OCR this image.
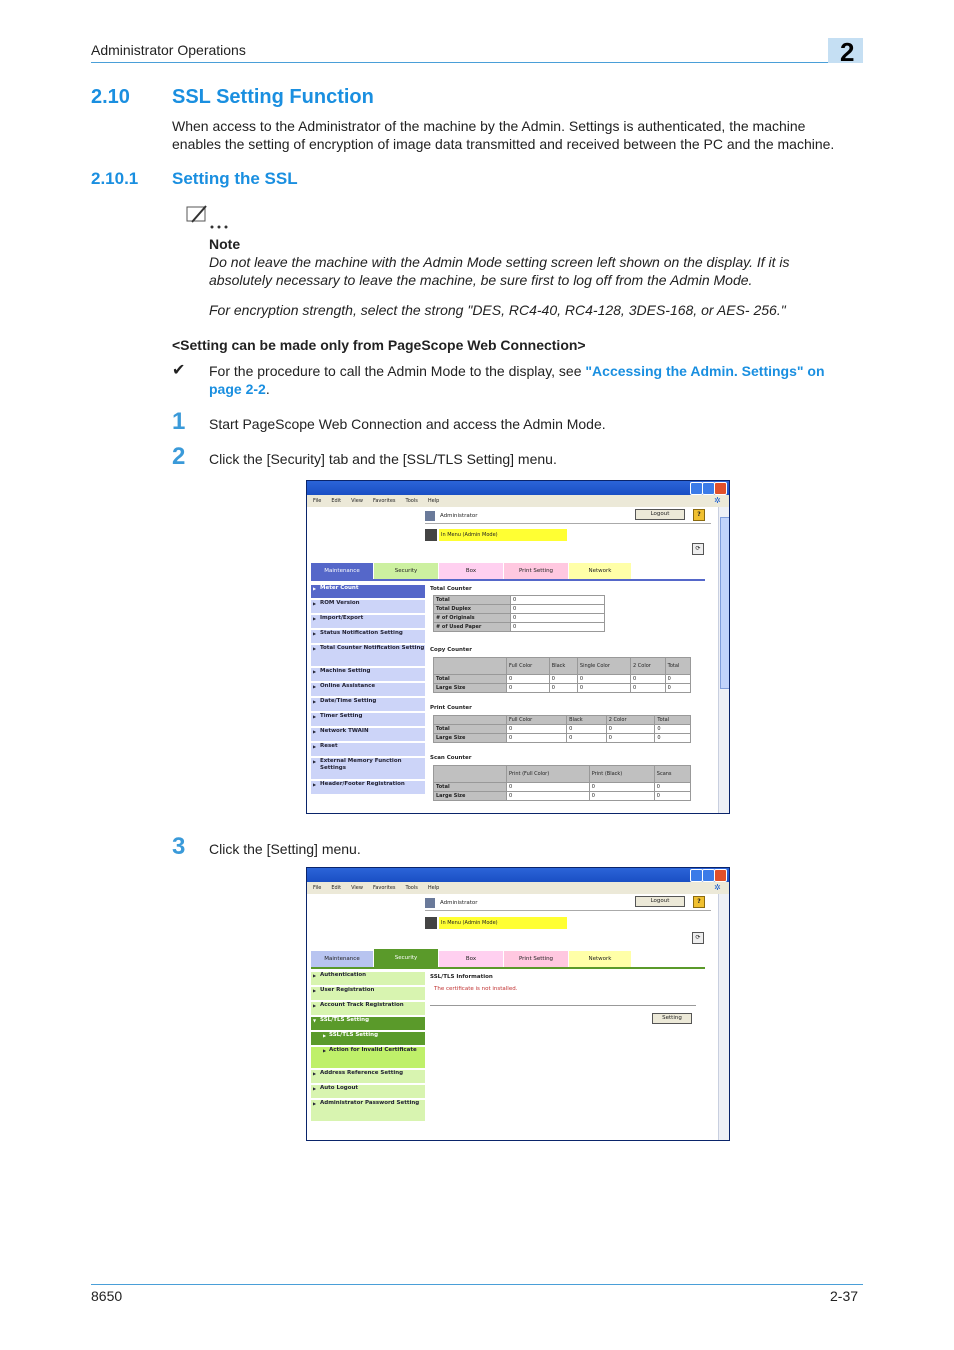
Administrator Operations	2
2.10 SSL Setting Function
When access to the Administrator of the machine by the Admin. Settings is authenticated, the machine
enables the setting of encryption of image data transmitted and received between the PC and the machine.
2.10.1 Setting the SSL
Note
Do not leave the machine with the Admin Mode setting screen left shown on the display. If it is
absolutely necessary to leave the machine, be sure first to log off from the Admin Mode.
For encryption strength, select the strong "DES, RC4-40, RC4-128, 3DES-168, or AES- 256."
<Setting can be made only from PageScope Web Connection>
✔ For the procedure to call the Admin Mode to the display, see "Accessing the Admin. Settings" on
page 2-2.
1 Start PageScope Web Connection and access the Admin Mode.
2 Click the [Security] tab and the [SSL/TLS Setting] menu.
File Edit View Favorites Tools Help	✲
Administrator	Logout	?
In Menu (Admin Mode)
⟳
Maintenance	Security	Box	Print Setting	Network
▶ Meter Count
▶ ROM Version
▶ Import/Export
▶ Status Notification Setting
▶ Total Counter Notification Setting
▶ Machine Setting
▶ Online Assistance
▶ Date/Time Setting
▶ Timer Setting
▶ Network TWAIN
▶ Reset
▶ External Memory Function Settings
▶ Header/Footer Registration
Total Counter
Total	0
Total Duplex	0
# of Originals	0
# of Used Paper	0
Copy Counter
	Full Color	Black	Single Color	2 Color	Total
Total	0	0	0	0	0
Large Size	0	0	0	0	0
Print Counter
	Full Color	Black	2 Color	Total
Total	0	0	0	0
Large Size	0	0	0	0
Scan Counter
	Print (Full Color)	Print (Black)	Scans
Total	0	0	0
Large Size	0	0	0
3 Click the [Setting] menu.
File Edit View Favorites Tools Help	✲
Administrator	Logout	?
In Menu (Admin Mode)
⟳
Maintenance	Security	Box	Print Setting	Network
▶ Authentication
▶ User Registration
▶ Account Track Registration
▼ SSL/TLS Setting
▶ SSL/TLS Setting
▶ Action for Invalid Certificate
▶ Address Reference Setting
▶ Auto Logout
▶ Administrator Password Setting
SSL/TLS Information
The certificate is not installed.
Setting
8650	2-37
